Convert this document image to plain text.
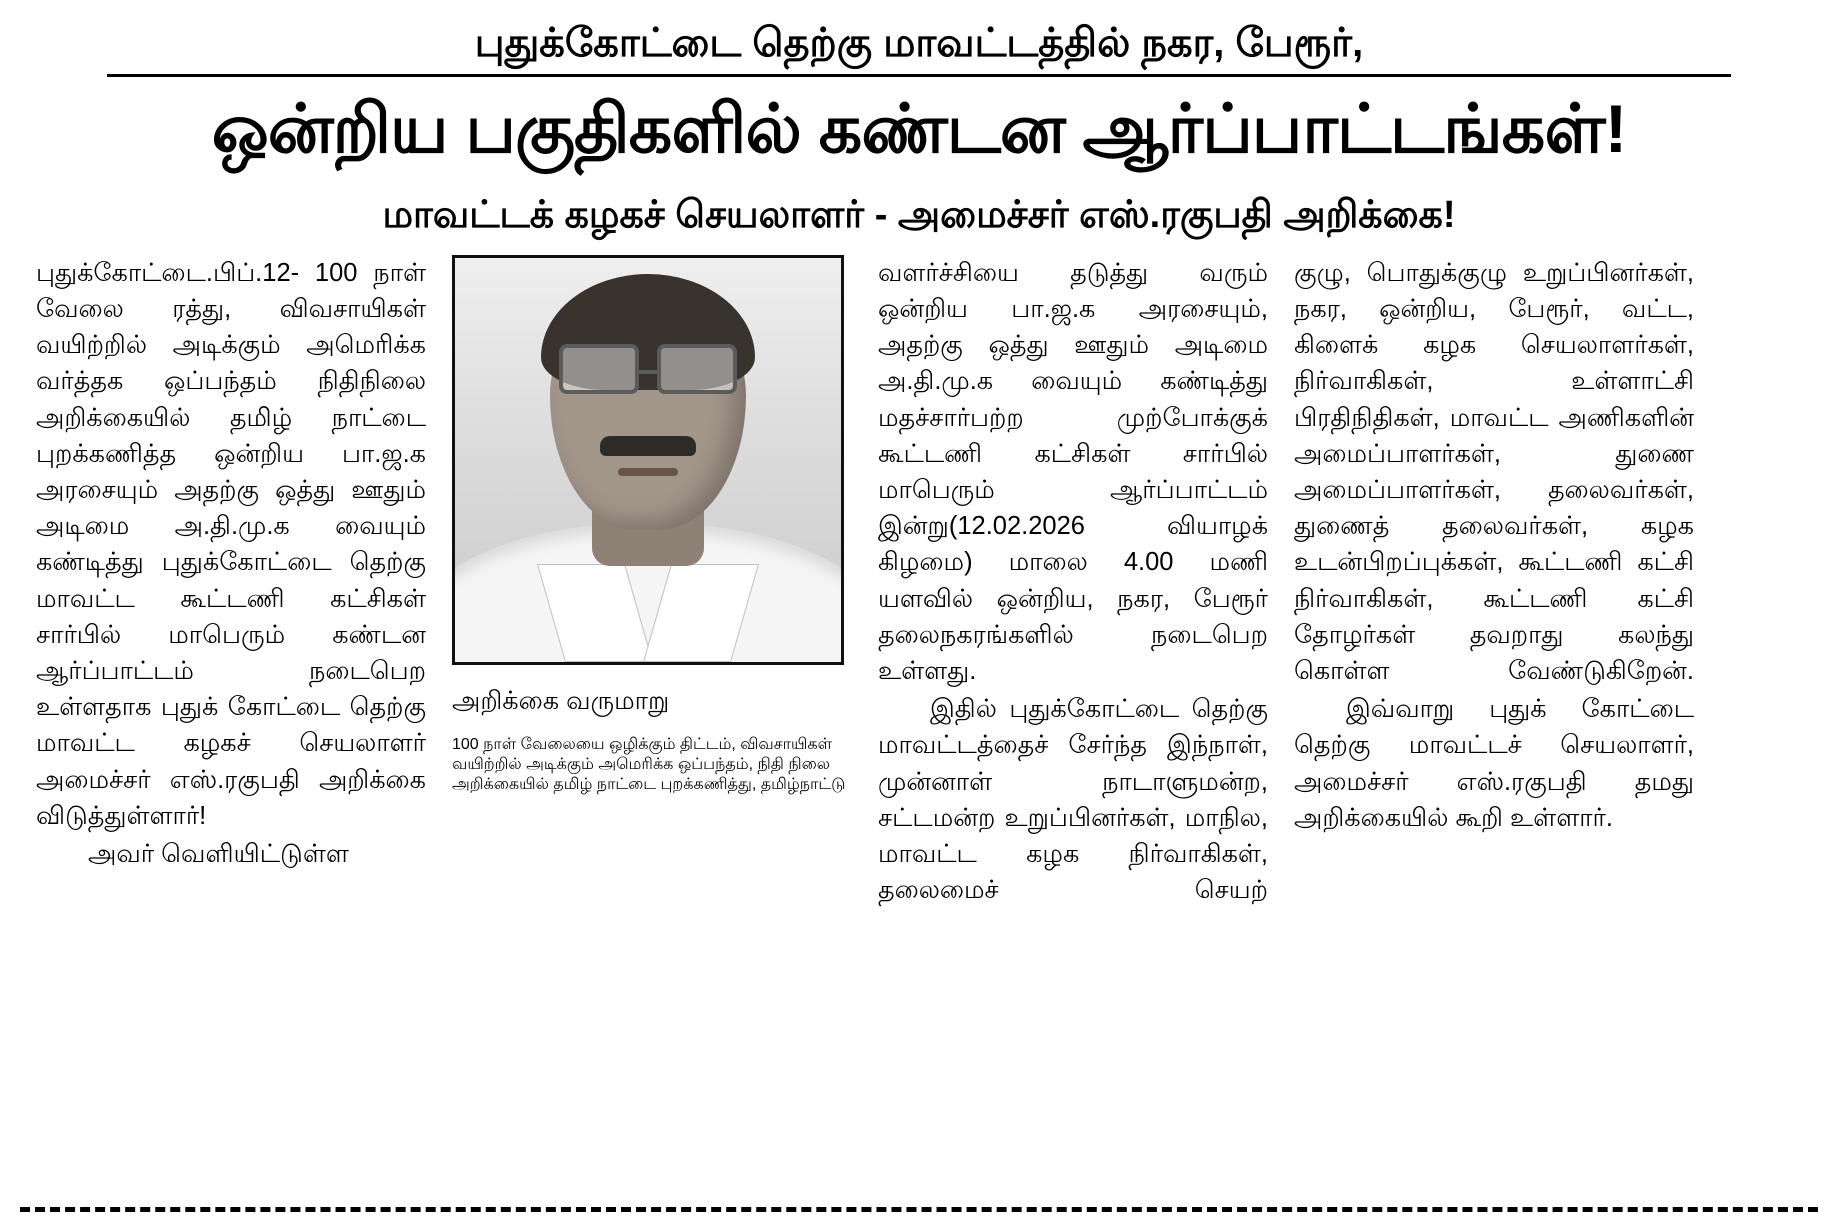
புதுக்கோட்டை தெற்கு மாவட்டத்தில் நகர, பேரூர்,
ஒன்றிய பகுதிகளில் கண்டன ஆர்ப்பாட்டங்கள்!
மாவட்டக் கழகச் செயலாளர் - அமைச்சர் எஸ்.ரகுபதி அறிக்கை!

புதுக்கோட்டை.பிப்.12- 100 நாள் வேலை ரத்து, விவசாயிகள் வயிற்றில் அடிக்கும் அமெரிக்க வர்த்தக ஒப்பந்தம் நிதிநிலை அறிக்கையில் தமிழ் நாட்டை புறக்கணித்த ஒன்றிய பா.ஜ.க அரசையும் அதற்கு ஒத்து ஊதும் அடிமை அ.தி.மு.க வையும் கண்டித்து புதுக்கோட்டை தெற்கு மாவட்ட கூட்டணி கட்சிகள் சார்பில் மாபெரும் கண்டன ஆர்ப்பாட்டம் நடைபெற உள்ளதாக புதுக் கோட்டை தெற்கு மாவட்ட கழகச் செயலாளர் அமைச்சர் எஸ்.ரகுபதி அறிக்கை விடுத்துள்ளார்!

அவர் வெளியிட்டுள்ள

அறிக்கை வருமாறு

100 நாள் வேலையை ஒழிக்கும் திட்டம், விவசாயிகள் வயிற்றில் அடிக்கும் அமெரிக்க ஒப்பந்தம், நிதி நிலை அறிக்கையில் தமிழ் நாட்டை புறக்கணித்து, தமிழ்நாட்டு

வளர்ச்சியை தடுத்து வரும் ஒன்றிய பா.ஜ.க அரசையும், அதற்கு ஒத்து ஊதும் அடிமை அ.தி.மு.க வையும் கண்டித்து மதச்சார்பற்ற முற்போக்குக் கூட்டணி கட்சிகள் சார்பில் மாபெரும் ஆர்ப்பாட்டம் இன்று(12.02.2026 வியாழக் கிழமை) மாலை 4.00 மணி யளவில் ஒன்றிய, நகர, பேரூர் தலைநகரங்களில் நடைபெற உள்ளது.

இதில் புதுக்கோட்டை தெற்கு மாவட்டத்தைச் சேர்ந்த இந்நாள், முன்னாள் நாடாளுமன்ற, சட்டமன்ற உறுப்பினர்கள், மாநில, மாவட்ட கழக நிர்வாகிகள், தலைமைச் செயற்

குழு, பொதுக்குழு உறுப்பினர்கள், நகர, ஒன்றிய, பேரூர், வட்ட, கிளைக் கழக செயலாளர்கள், நிர்வாகிகள், உள்ளாட்சி பிரதிநிதிகள், மாவட்ட அணிகளின் அமைப்பாளர்கள், துணை அமைப்பாளர்கள், தலைவர்கள், துணைத் தலைவர்கள், கழக உடன்பிறப்புக்கள், கூட்டணி கட்சி நிர்வாகிகள், கூட்டணி கட்சி தோழர்கள் தவறாது கலந்து கொள்ள வேண்டுகிறேன்.

இவ்வாறு புதுக் கோட்டை தெற்கு மாவட்டச் செயலாளர், அமைச்சர் எஸ்.ரகுபதி தமது அறிக்கையில் கூறி உள்ளார்.
